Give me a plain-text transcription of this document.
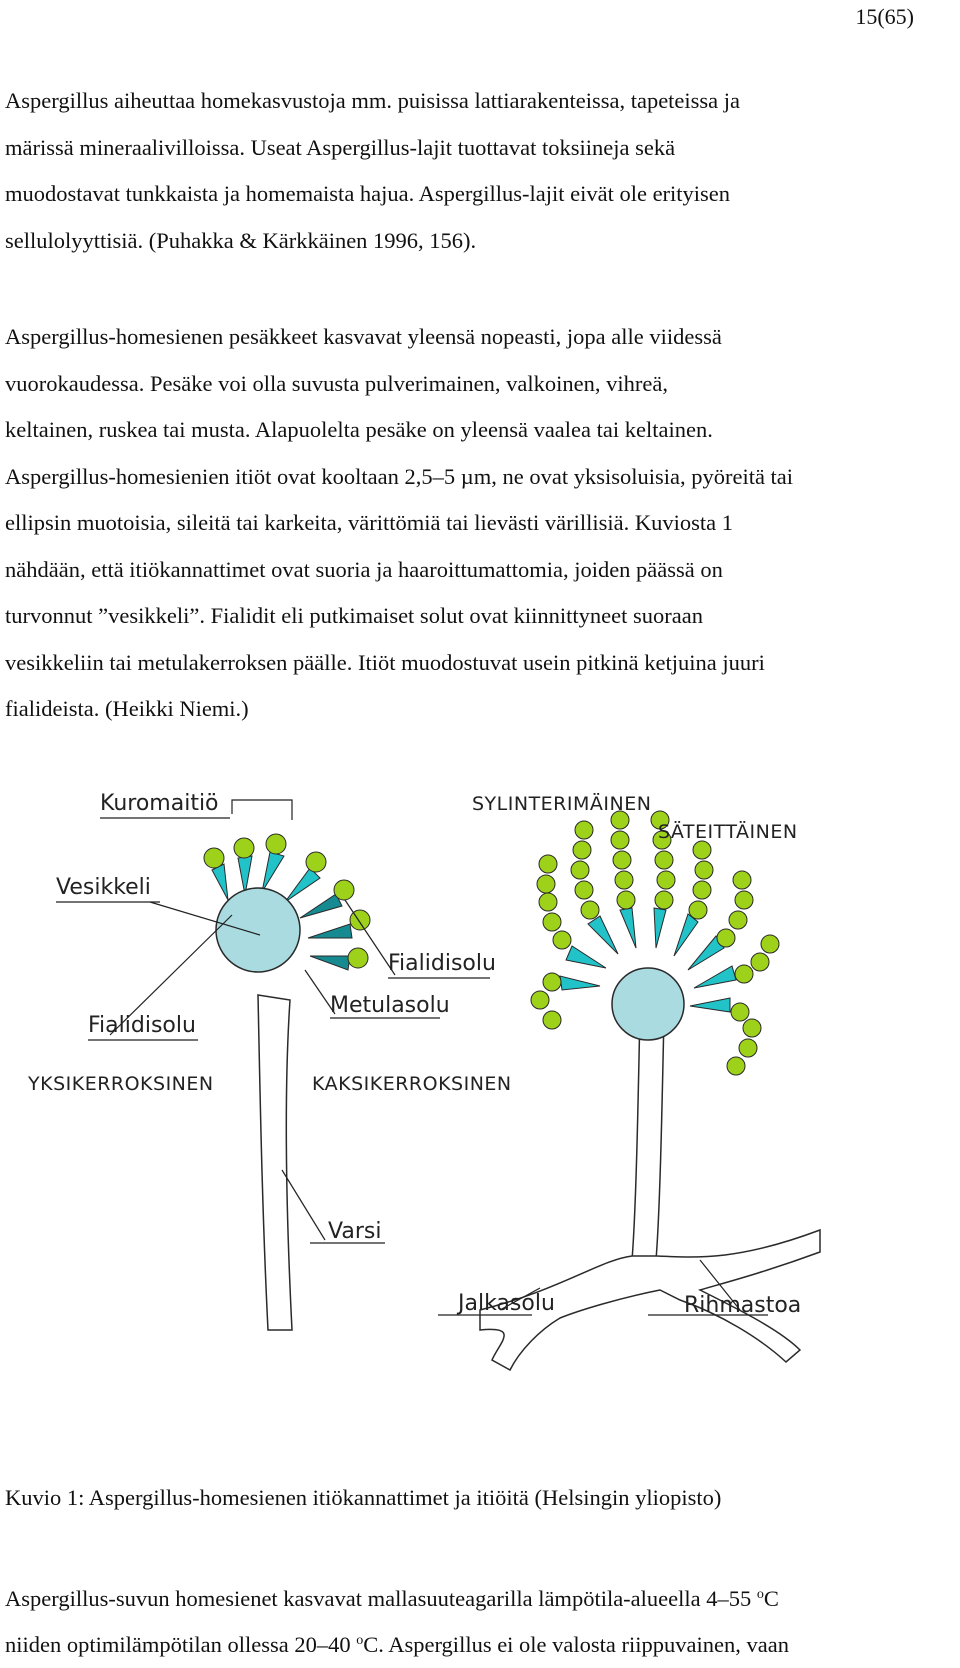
15(65)

Aspergillus aiheuttaa homekasvustoja mm. puisissa lattiarakenteissa, tapeteissa ja
märissä mineraalivilloissa. Useat Aspergillus-lajit tuottavat toksiineja sekä
muodostavat tunkkaista ja homemaista hajua. Aspergillus-lajit eivät ole erityisen
sellulolyyttisiä. (Puhakka & Kärkkäinen 1996, 156).

Aspergillus-homesienen pesäkkeet kasvavat yleensä nopeasti, jopa alle viidessä
vuorokaudessa. Pesäke voi olla suvusta pulverimainen, valkoinen, vihreä,
keltainen, ruskea tai musta. Alapuolelta pesäke on yleensä vaalea tai keltainen.
Aspergillus-homesienien itiöt ovat kooltaan 2,5–5 µm, ne ovat yksisoluisia, pyöreitä tai
ellipsin muotoisia, sileitä tai karkeita, värittömiä tai lievästi värillisiä. Kuviosta 1
nähdään, että itiökannattimet ovat suoria ja haaroittumattomia, joiden päässä on
turvonnut ”vesikkeli”. Fialidit eli putkimaiset solut ovat kiinnittyneet suoraan
vesikkeliin tai metulakerroksen päälle. Itiöt muodostuvat usein pitkinä ketjuina juuri
fialideista. (Heikki Niemi.)

Kuromaitiö
Vesikkeli
Fialidisolu
Metulasolu
Fialidisolu
YKSIKERROKSINEN	KAKSIKERROKSINEN
SYLINTERIMÄINEN
SÄTEITTÄINEN
Varsi
Jalkasolu	Rihmastoa

Kuvio 1: Aspergillus-homesienen itiökannattimet ja itiöitä (Helsingin yliopisto)

Aspergillus-suvun homesienet kasvavat mallasuuteagarilla lämpötila-alueella 4–55 $^o$C
niiden optimilämpötilan ollessa 20–40 $^o$C. Aspergillus ei ole valosta riippuvainen, vaan
